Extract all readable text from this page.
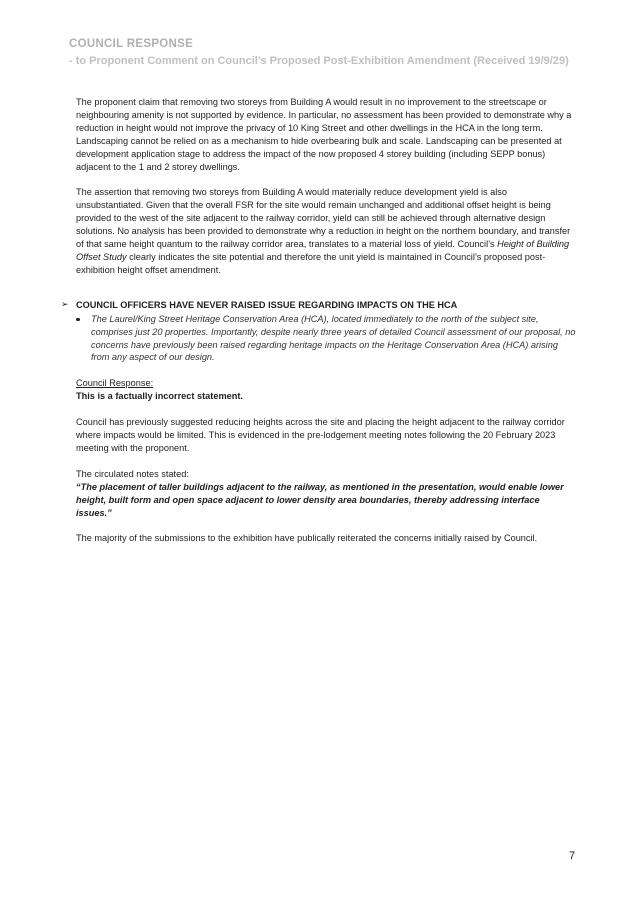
COUNCIL RESPONSE
- to Proponent Comment on Council’s Proposed Post-Exhibition Amendment (Received 19/9/29)

The proponent claim that removing two storeys from Building A would result in no improvement to the streetscape or neighbouring amenity is not supported by evidence. In particular, no assessment has been provided to demonstrate why a reduction in height would not improve the privacy of 10 King Street and other dwellings in the HCA in the long term. Landscaping cannot be relied on as a mechanism to hide overbearing bulk and scale. Landscaping can be presented at development application stage to address the impact of the now proposed 4 storey building (including SEPP bonus) adjacent to the 1 and 2 storey dwellings.

The assertion that removing two storeys from Building A would materially reduce development yield is also unsubstantiated. Given that the overall FSR for the site would remain unchanged and additional offset height is being provided to the west of the site adjacent to the railway corridor, yield can still be achieved through alternative design solutions. No analysis has been provided to demonstrate why a reduction in height on the northern boundary, and transfer of that same height quantum to the railway corridor area, translates to a material loss of yield. Council’s Height of Building Offset Study clearly indicates the site potential and therefore the unit yield is maintained in Council’s proposed post-exhibition height offset amendment.

➢ COUNCIL OFFICERS HAVE NEVER RAISED ISSUE REGARDING IMPACTS ON THE HCA
The Laurel/King Street Heritage Conservation Area (HCA), located immediately to the north of the subject site, comprises just 20 properties. Importantly, despite nearly three years of detailed Council assessment of our proposal, no concerns have previously been raised regarding heritage impacts on the Heritage Conservation Area (HCA) arising from any aspect of our design.

Council Response:

This is a factually incorrect statement.

Council has previously suggested reducing heights across the site and placing the height adjacent to the railway corridor where impacts would be limited. This is evidenced in the pre-lodgement meeting notes following the 20 February 2023 meeting with the proponent.

The circulated notes stated:

“The placement of taller buildings adjacent to the railway, as mentioned in the presentation, would enable lower height, built form and open space adjacent to lower density area boundaries, thereby addressing interface issues.”

The majority of the submissions to the exhibition have publically reiterated the concerns initially raised by Council.

7
